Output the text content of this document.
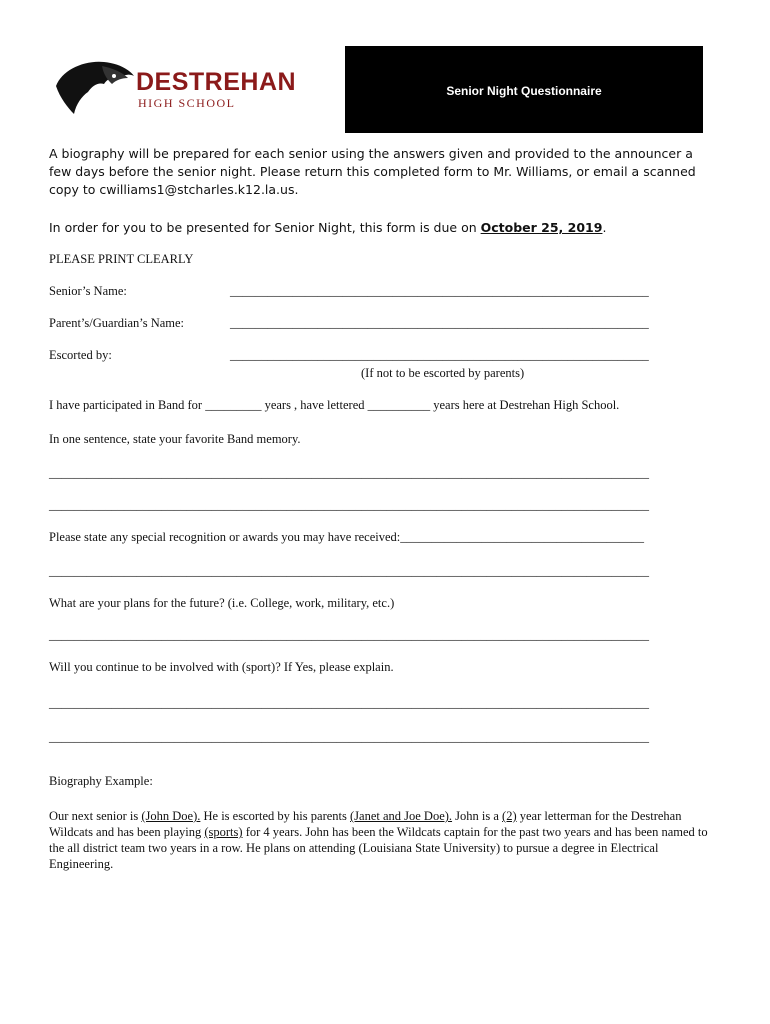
DESTREHAN
HIGH SCHOOL
Senior Night Questionnaire
A biography will be prepared for each senior using the answers given and provided to the announcer a few days before the senior night. Please return this completed form to Mr. Williams, or email a scanned copy to cwilliams1@stcharles.k12.la.us.
In order for you to be presented for Senior Night, this form is due on October 25, 2019.
PLEASE PRINT CLEARLY
Senior’s Name:	___________________________________________________________________
Parent’s/Guardian’s Name:	___________________________________________________________________
Escorted by:	___________________________________________________________________
(If not to be escorted by parents)
I have participated in Band for _________ years , have lettered __________ years here at Destrehan High School.
In one sentence, state your favorite Band memory.
________________________________________________________________________________________________
________________________________________________________________________________________________
Please state any special recognition or awards you may have received:_______________________________________
________________________________________________________________________________________________
What are your plans for the future? (i.e. College, work, military, etc.)
________________________________________________________________________________________________
Will you continue to be involved with (sport)? If Yes, please explain.
________________________________________________________________________________________________
________________________________________________________________________________________________
Biography Example:
Our next senior is (John Doe). He is escorted by his parents (Janet and Joe Doe). John is a (2) year letterman for the Destrehan Wildcats and has been playing (sports) for 4 years. John has been the Wildcats captain for the past two years and has been named to the all district team two years in a row. He plans on attending (Louisiana State University) to pursue a degree in Electrical Engineering.
